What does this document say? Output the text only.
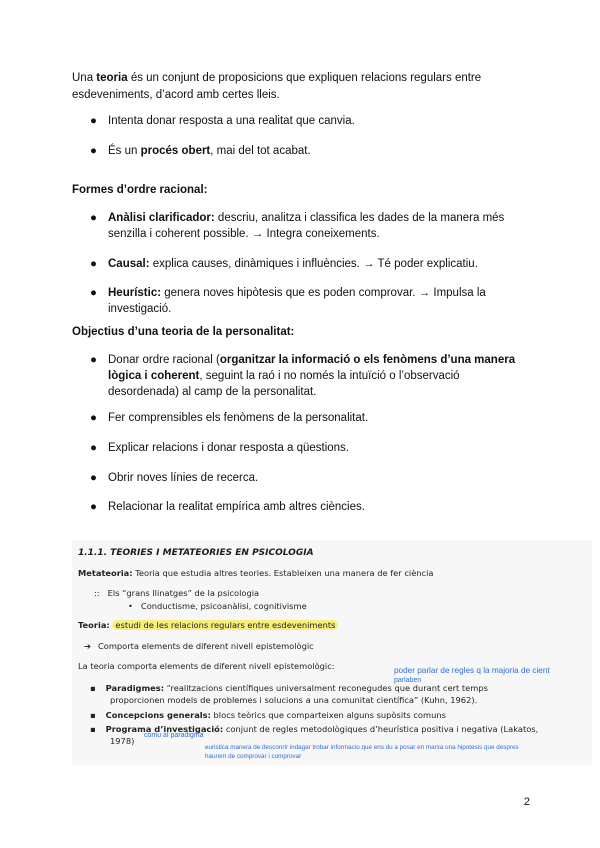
Una teoria és un conjunt de proposicions que expliquen relacions regulars entre esdeveniments, d’acord amb certes lleis.

● Intenta donar resposta a una realitat que canvia.
● És un procés obert, mai del tot acabat.
Formes d’ordre racional:
● Anàlisi clarificador: descriu, analitza i classifica les dades de la manera més senzilla i coherent possible. → Integra coneixements.
● Causal: explica causes, dinàmiques i influències. → Té poder explicatiu.
● Heurístic: genera noves hipòtesis que es poden comprovar. → Impulsa la investigació.
Objectius d’una teoria de la personalitat:
● Donar ordre racional (organitzar la informació o els fenòmens d’una manera lògica i coherent, seguint la raó i no només la intuïció o l’observació desordenada) al camp de la personalitat.
● Fer comprensibles els fenòmens de la personalitat.
● Explicar relacions i donar resposta a qüestions.
● Obrir noves línies de recerca.
● Relacionar la realitat empírica amb altres ciències.
1.1.1. TEORIES I METATEORIES EN PSICOLOGIA
Metateoria: Teoria que estudia altres teories. Estableixen una manera de fer ciència
:: Els “grans llinatges” de la psicologia
• Conductisme, psicoanàlisi, cognitivisme
Teoria: estudi de les relacions regulars entre esdeveniments
➔ Comporta elements de diferent nivell epistemològic
La teoria comporta elements de diferent nivell epistemològic:
▪ Paradigmes: “realitzacions científiques universalment reconegudes que durant cert temps
proporcionen models de problemes i solucions a una comunitat científica” (Kuhn, 1962).
▪ Concepcions generals: blocs teòrics que comparteixen alguns supòsits comuns
▪ Programa d’investigació: conjunt de regles metodològiques d’heurística positiva i negativa (Lakatos,
1978)
poder parlar de regles q la majoria de cient
parlaben
comu al paradigma
euristica manera de desconrir indagar trobar informacio que ens du a posar en marxa una hipotesis que despres
haurem de comprovar i comprovar
2
